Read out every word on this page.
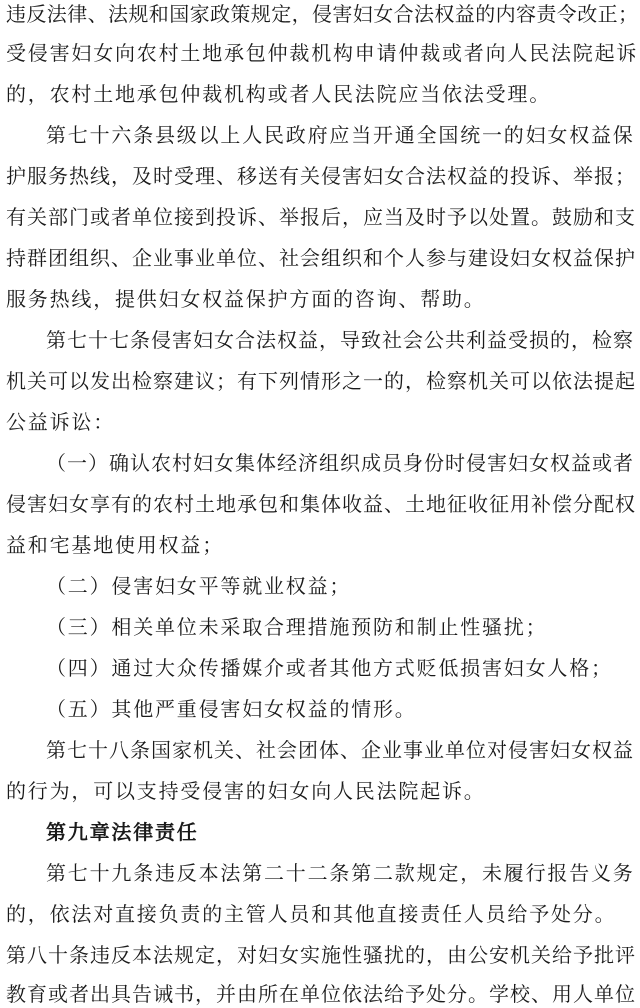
违反法律、法规和国家政策规定，侵害妇女合法权益的内容责令改正；
受侵害妇女向农村土地承包仲裁机构申请仲裁或者向人民法院起诉
的，农村土地承包仲裁机构或者人民法院应当依法受理。
第七十六条县级以上人民政府应当开通全国统一的妇女权益保
护服务热线，及时受理、移送有关侵害妇女合法权益的投诉、举报；
有关部门或者单位接到投诉、举报后，应当及时予以处置。鼓励和支
持群团组织、企业事业单位、社会组织和个人参与建设妇女权益保护
服务热线，提供妇女权益保护方面的咨询、帮助。
第七十七条侵害妇女合法权益，导致社会公共利益受损的，检察
机关可以发出检察建议；有下列情形之一的，检察机关可以依法提起
公益诉讼：
（一）确认农村妇女集体经济组织成员身份时侵害妇女权益或者
侵害妇女享有的农村土地承包和集体收益、土地征收征用补偿分配权
益和宅基地使用权益；
（二）侵害妇女平等就业权益；
（三）相关单位未采取合理措施预防和制止性骚扰；
（四）通过大众传播媒介或者其他方式贬低损害妇女人格；
（五）其他严重侵害妇女权益的情形。
第七十八条国家机关、社会团体、企业事业单位对侵害妇女权益
的行为，可以支持受侵害的妇女向人民法院起诉。
第九章法律责任
第七十九条违反本法第二十二条第二款规定，未履行报告义务
的，依法对直接负责的主管人员和其他直接责任人员给予处分。
第八十条违反本法规定，对妇女实施性骚扰的，由公安机关给予批评
教育或者出具告诫书，并由所在单位依法给予处分。学校、用人单位
